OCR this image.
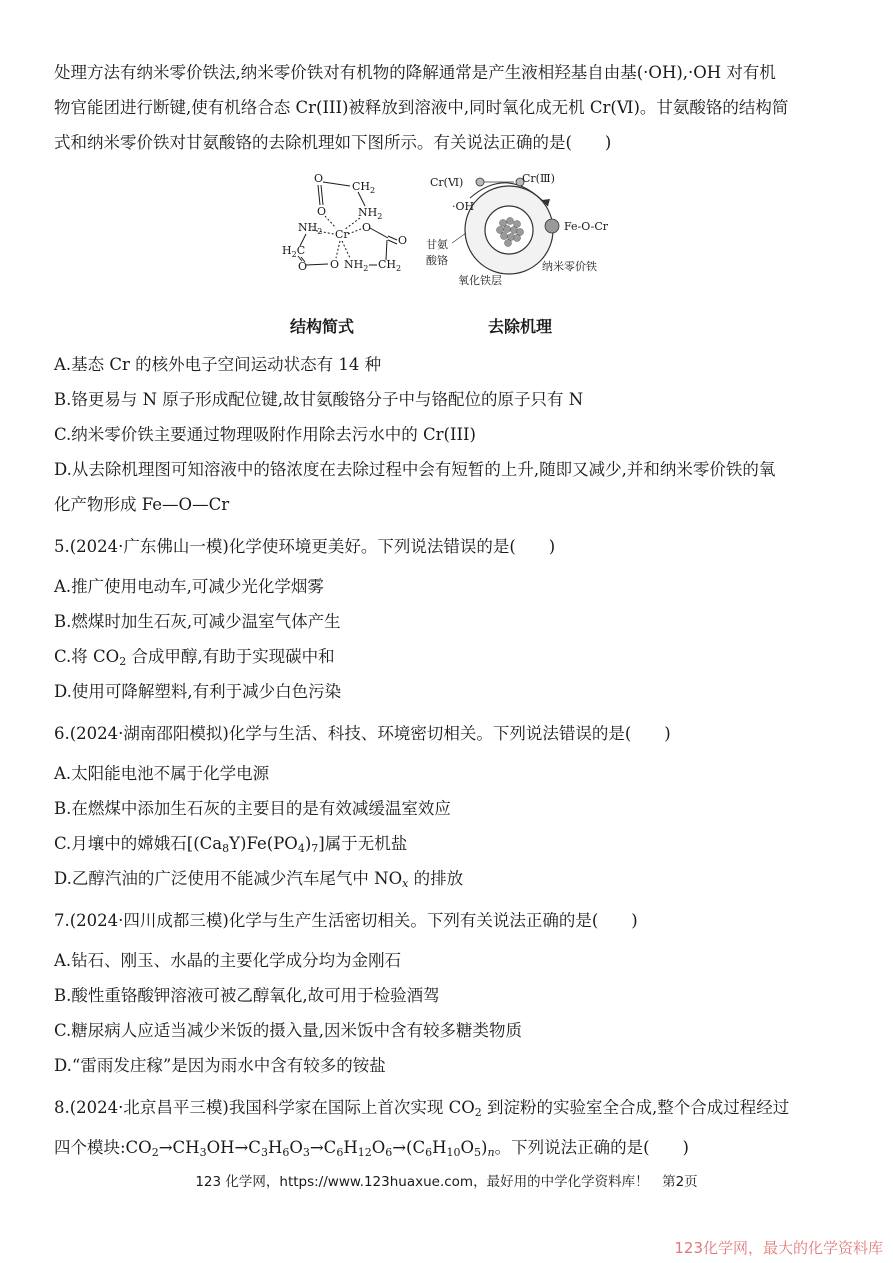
处理方法有纳米零价铁法,纳米零价铁对有机物的降解通常是产生液相羟基自由基(·OH),·OH 对有机
物官能团进行断键,使有机络合态 Cr(III)被释放到溶液中,同时氧化成无机 Cr(Ⅵ)。甘氨酸铬的结构简
式和纳米零价铁对甘氨酸铬的去除机理如下图所示。有关说法正确的是(　　)
O
$CH_2$
O	$NH_2$
$NH_2$ Cr
O
O
$H_2C$
O O $NH_2$ $CH_2$
Cr(Ⅵ)	Cr(Ⅲ)
·OH
Fe-O-Cr
甘氨
酸铬
氧化铁层
纳米零价铁
结构简式	去除机理
A.基态 Cr 的核外电子空间运动状态有 14 种
B.铬更易与 N 原子形成配位键,故甘氨酸铬分子中与铬配位的原子只有 N
C.纳米零价铁主要通过物理吸附作用除去污水中的 Cr(III)
D.从去除机理图可知溶液中的铬浓度在去除过程中会有短暂的上升,随即又减少,并和纳米零价铁的氧
化产物形成 Fe—O—Cr
5.(2024·广东佛山一模)化学使环境更美好。下列说法错误的是(　　)
A.推广使用电动车,可减少光化学烟雾
B.燃煤时加生石灰,可减少温室气体产生
C.将 $CO_2$ 合成甲醇,有助于实现碳中和
D.使用可降解塑料,有利于减少白色污染
6.(2024·湖南邵阳模拟)化学与生活、科技、环境密切相关。下列说法错误的是(　　)
A.太阳能电池不属于化学电源
B.在燃煤中添加生石灰的主要目的是有效减缓温室效应
C.月壤中的嫦娥石$[(Ca_8Y)Fe(PO_4)_7]$属于无机盐
D.乙醇汽油的广泛使用不能减少汽车尾气中 $NO_x$ 的排放
7.(2024·四川成都三模)化学与生产生活密切相关。下列有关说法正确的是(　　)
A.钻石、刚玉、水晶的主要化学成分均为金刚石
B.酸性重铬酸钾溶液可被乙醇氧化,故可用于检验酒驾
C.糖尿病人应适当减少米饭的摄入量,因米饭中含有较多糖类物质
D.“雷雨发庄稼”是因为雨水中含有较多的铵盐
8.(2024·北京昌平三模)我国科学家在国际上首次实现 $CO_2$ 到淀粉的实验室全合成,整个合成过程经过
四个模块$:CO_2\to CH_3OH\to C_3H_6O_3\to C_6H_{12}O_6\to(C_6H_{10}O_5)_n$。下列说法正确的是(　　)
123 化学网，https://www.123huaxue.com，最好用的中学化学资料库！　第2页
123化学网，最大的化学资料库
